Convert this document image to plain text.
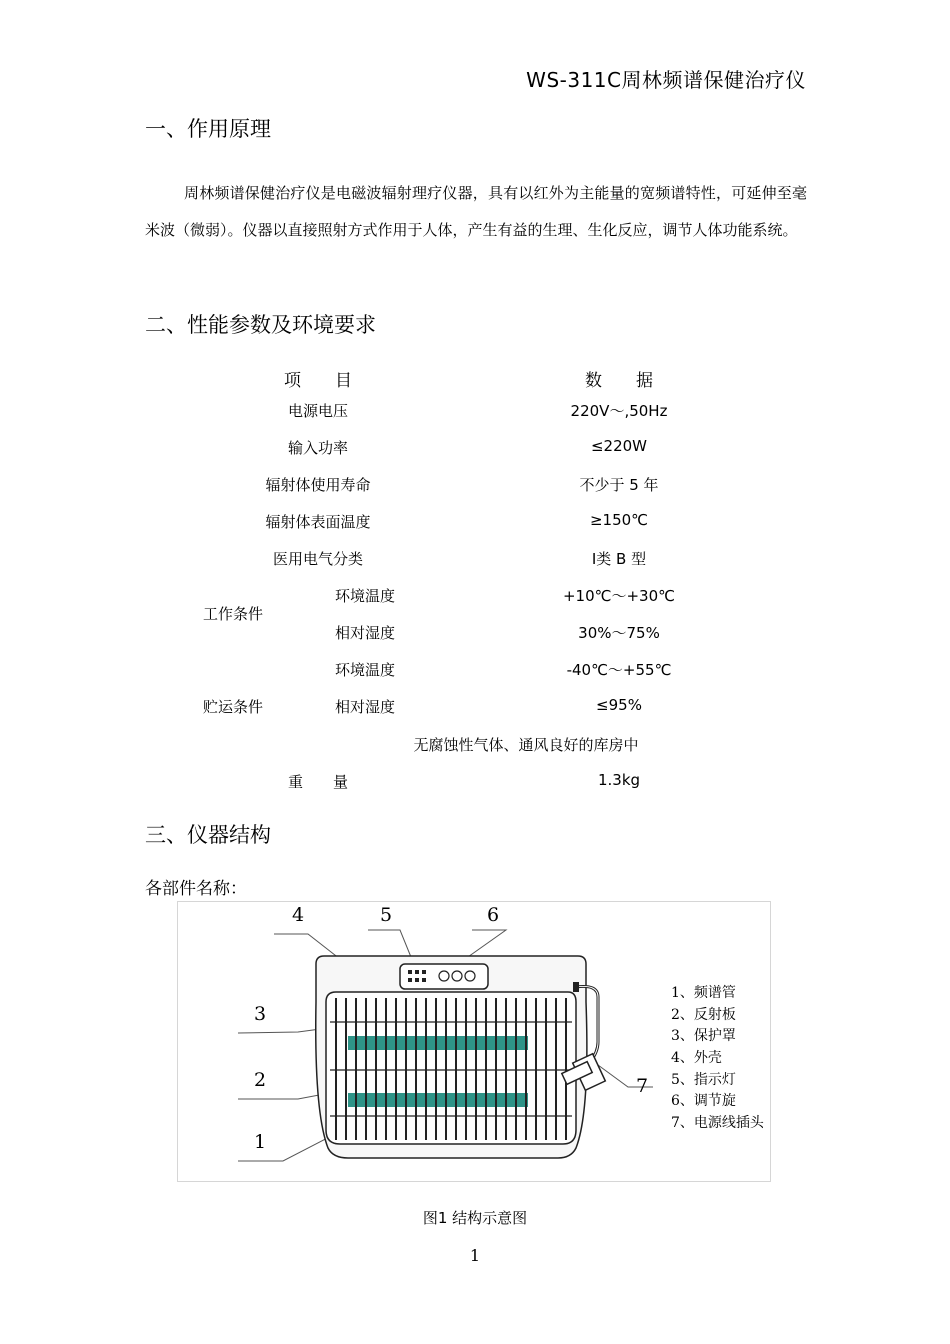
WS-311C周林频谱保健治疗仪
一、作用原理
周林频谱保健治疗仪是电磁波辐射理疗仪器，具有以红外为主能量的宽频谱特性，可延伸至毫米波（微弱）。仪器以直接照射方式作用于人体，产生有益的生理、生化反应，调节人体功能系统。
二、性能参数及环境要求
项　　目	数　　据
电源电压	220V～,50Hz
输入功率	≤220W
辐射体使用寿命	不少于 5 年
辐射体表面温度	≥150℃
医用电气分类	Ⅰ类 B 型
工作条件
环境温度	+10℃～+30℃
相对湿度	30%～75%
贮运条件
环境温度	-40℃～+55℃
相对湿度	≤95%
无腐蚀性气体、通风良好的库房中
重　　量	1.3kg
三、仪器结构
各部件名称：
4	5	6
3
2
1
7
1、频谱管
2、反射板
3、保护罩
4、外壳
5、指示灯
6、调节旋
7、电源线插头
图1 结构示意图
1
